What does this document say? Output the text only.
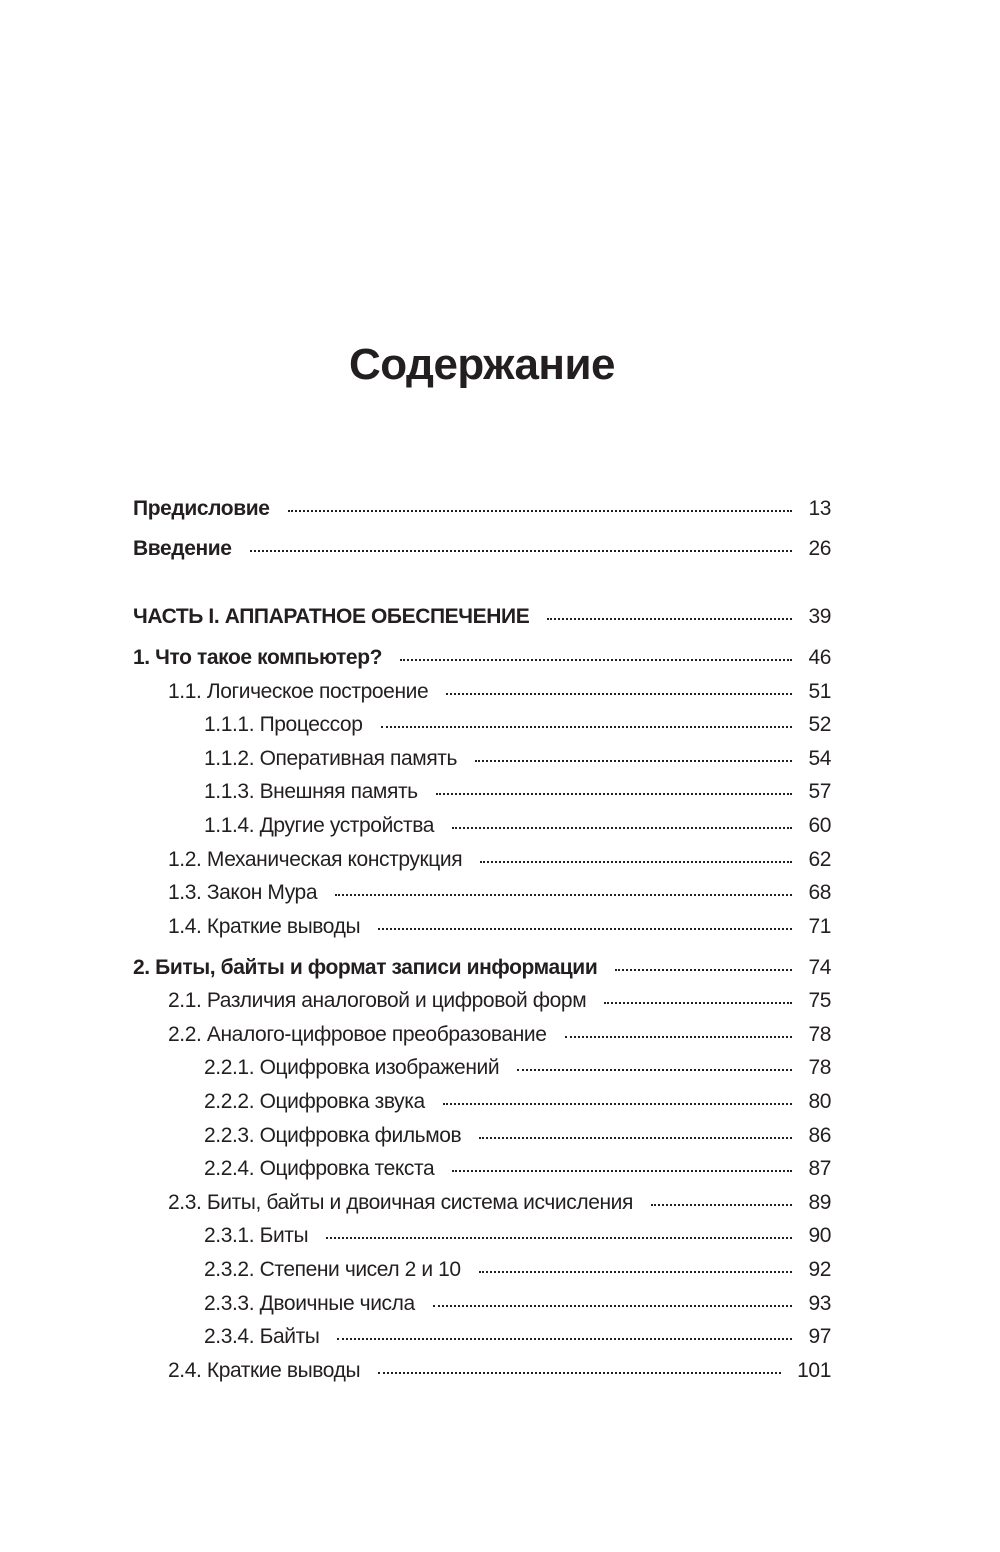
Содержание
Предисловие	13
Введение	26
ЧАСТЬ I. АППАРАТНОЕ ОБЕСПЕЧЕНИЕ	39
1. Что такое компьютер?	46
1.1. Логическое построение	51
1.1.1. Процессор	52
1.1.2. Оперативная память	54
1.1.3. Внешняя память	57
1.1.4. Другие устройства	60
1.2. Механическая конструкция	62
1.3. Закон Мура	68
1.4. Краткие выводы	71
2. Биты, байты и формат записи информации	74
2.1. Различия аналоговой и цифровой форм	75
2.2. Аналого-цифровое преобразование	78
2.2.1. Оцифровка изображений	78
2.2.2. Оцифровка звука	80
2.2.3. Оцифровка фильмов	86
2.2.4. Оцифровка текста	87
2.3. Биты, байты и двоичная система исчисления	89
2.3.1. Биты	90
2.3.2. Степени чисел 2 и 10	92
2.3.3. Двоичные числа	93
2.3.4. Байты	97
2.4. Краткие выводы	101
